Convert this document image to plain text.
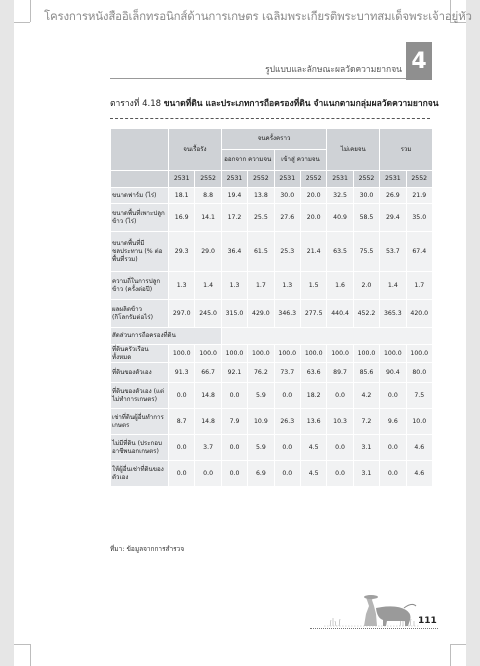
โครงการหนังสืออิเล็กทรอนิกส์ด้านการเกษตร เฉลิมพระเกียรติพระบาทสมเด็จพระเจ้าอยู่หัว
รูปแบบและลักษณะผลวัดความยากจน 4
ตารางที่ 4.18 ขนาดที่ดิน และประเภทการถือครองที่ดิน จำแนกตามกลุ่มผลวัดความยากจน
	จนเรื้อรัง		จนครั้งคราว				ไม่เคยจน		รวม	
			ออกจาก ความจน		เข้าสู่ ความจน					
	2531	2552	2531	2552	2531	2552	2531	2552	2531	2552
ขนาดฟาร์ม (ไร่)	18.1	8.8	19.4	13.8	30.0	20.0	32.5	30.0	26.9	21.9
ขนาดพื้นที่เพาะปลูกข้าว (ไร่)	16.9	14.1	17.2	25.5	27.6	20.0	40.9	58.5	29.4	35.0
ขนาดพื้นที่มีชลประทาน (% ต่อพื้นที่รวม)	29.3	29.0	36.4	61.5	25.3	21.4	63.5	75.5	53.7	67.4
ความถี่ในการปลูกข้าว (ครั้งต่อปี)	1.3	1.4	1.3	1.7	1.3	1.5	1.6	2.0	1.4	1.7
ผลผลิตข้าว (กิโลกรัมต่อไร่)	297.0	245.0	315.0	429.0	346.3	277.5	440.4	452.2	365.3	420.0
สัดส่วนการถือครองที่ดิน										
ที่ดินครัวเรือนทั้งหมด	100.0	100.0	100.0	100.0	100.0	100.0	100.0	100.0	100.0	100.0
ที่ดินของตัวเอง	91.3	66.7	92.1	76.2	73.7	63.6	89.7	85.6	90.4	80.0
ที่ดินของตัวเอง (แต่ไม่ทำการเกษตร)	0.0	14.8	0.0	5.9	0.0	18.2	0.0	4.2	0.0	7.5
เช่าที่ดินผู้อื่นทำการเกษตร	8.7	14.8	7.9	10.9	26.3	13.6	10.3	7.2	9.6	10.0
ไม่มีที่ดิน (ประกอบอาชีพนอกเกษตร)	0.0	3.7	0.0	5.9	0.0	4.5	0.0	3.1	0.0	4.6
ให้ผู้อื่นเช่าที่ดินของตัวเอง	0.0	0.0	0.0	6.9	0.0	4.5	0.0	3.1	0.0	4.6
ที่มา: ข้อมูลจากการสำรวจ
111
